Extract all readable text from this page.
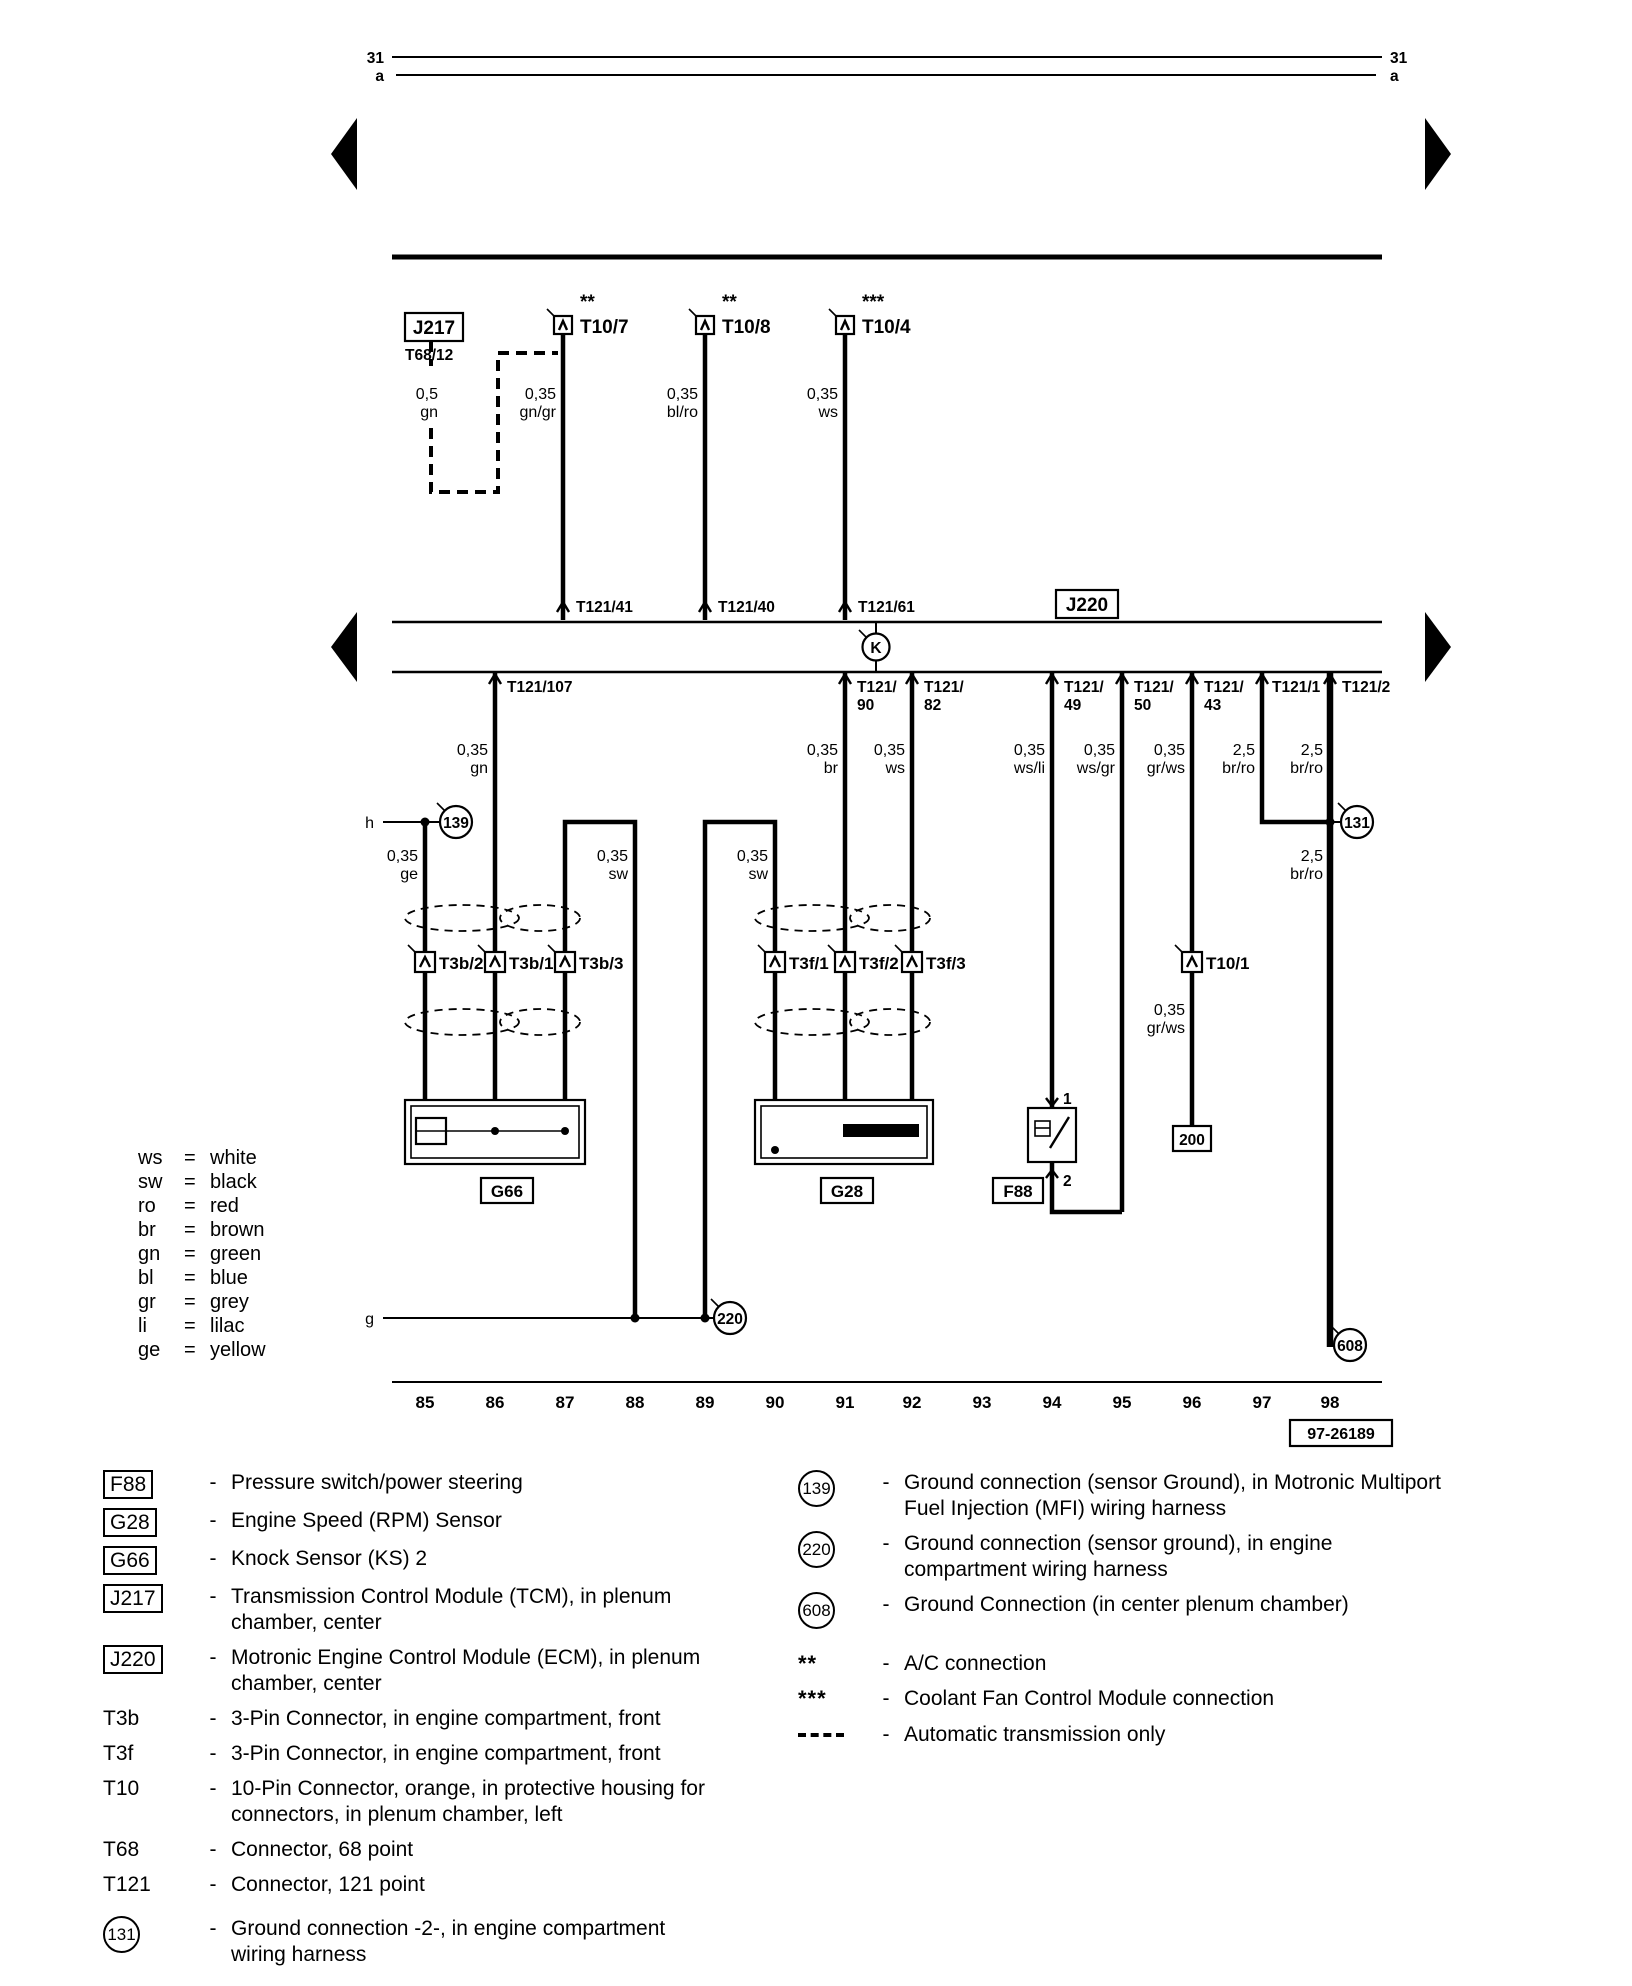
31	31
a	a
J217
T68/12
T10/7
**
T10/8
**
T10/4
***
0,5
gn
0,35
gn/gr
0,35
bl/ro
0,35
ws
T121/41	T121/40	T121/61	J220
K
T121/107	T121/
90
T121/
82
T121/
49
T121/
50
T121/
43
T121/1 T121/2
0,35
gn
0,35
br
0,35
ws
0,35
ws/li
0,35
ws/gr
0,35
gr/ws
2,5
br/ro
2,5
br/ro
h	139	131
0,35
ge
0,35
sw
0,35
sw
0,35
gr/ws
2,5
br/ro
T3b/2 T3b/1 T3b/3	T3f/1 T3f/2 T3f/3	T10/1
G66	G28
1
2
F88
200
g	220
608
85	86	87	88	89	90	91	92	93	94	95	96	97	98
97-26189
ws	= white
sw	= black
ro	= red
br	= brown
gn	= green
bl	= blue
gr	= grey
li	= lilac
ge	= yellow
F88	- Pressure switch/power steering
G28	- Engine Speed (RPM) Sensor
G66	- Knock Sensor (KS) 2
J217	- Transmission Control Module (TCM), in plenum chamber, center
J220	- Motronic Engine Control Module (ECM), in plenum chamber, center
T3b	- 3-Pin Connector, in engine compartment, front
T3f	- 3-Pin Connector, in engine compartment, front
T10	- 10-Pin Connector, orange, in protective housing for connectors, in plenum chamber, left
T68	- Connector, 68 point
T121	- Connector, 121 point
131	- Ground connection -2-, in engine compartment wiring harness
139	- Ground connection (sensor Ground), in Motronic Multiport Fuel Injection (MFI) wiring harness
220	- Ground connection (sensor ground), in engine compartment wiring harness
608	- Ground Connection (in center plenum chamber)
**	- A/C connection
***	- Coolant Fan Control Module connection
- Automatic transmission only
